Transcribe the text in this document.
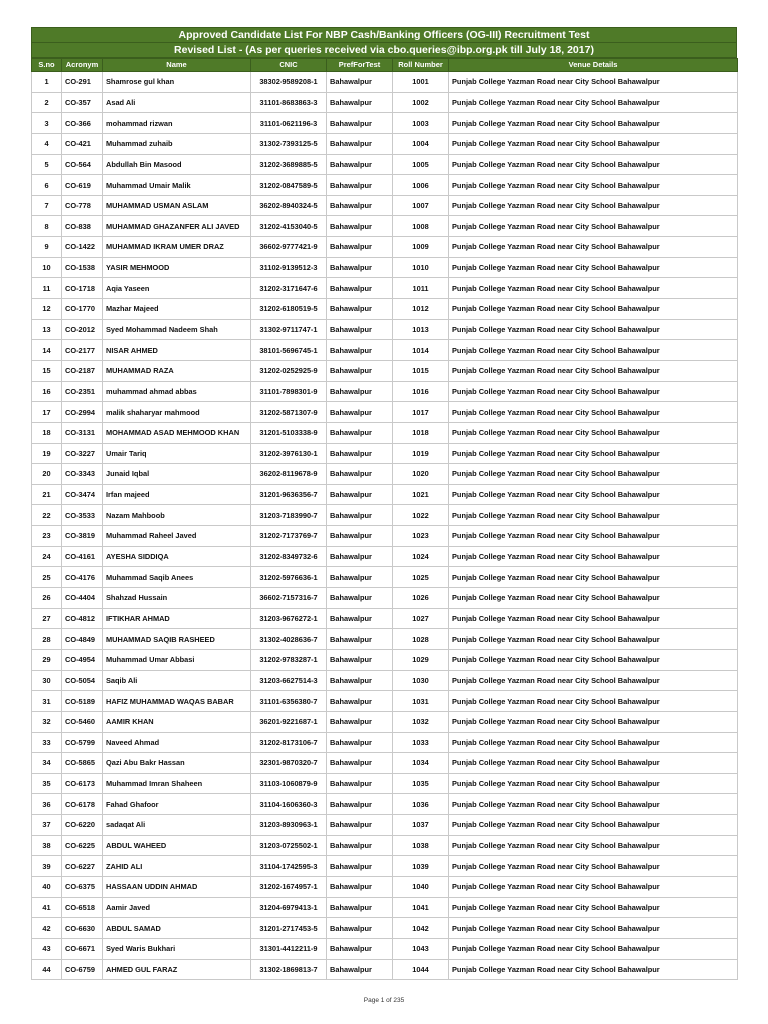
Approved Candidate List For NBP Cash/Banking Officers (OG-III) Recruitment Test
Revised List - (As per queries received via cbo.queries@ibp.org.pk till July 18, 2017)
S.no	Acronym	Name	CNIC	PrefForTest	Roll Number	Venue Details
1	CO-291	Shamrose gul khan	38302-9589208-1	Bahawalpur	1001	Punjab College Yazman Road near City School Bahawalpur
2	CO-357	Asad Ali	31101-8683863-3	Bahawalpur	1002	Punjab College Yazman Road near City School Bahawalpur
3	CO-366	mohammad rizwan	31101-0621196-3	Bahawalpur	1003	Punjab College Yazman Road near City School Bahawalpur
4	CO-421	Muhammad zuhaib	31302-7393125-5	Bahawalpur	1004	Punjab College Yazman Road near City School Bahawalpur
5	CO-564	Abdullah Bin Masood	31202-3689885-5	Bahawalpur	1005	Punjab College Yazman Road near City School Bahawalpur
6	CO-619	Muhammad Umair Malik	31202-0847589-5	Bahawalpur	1006	Punjab College Yazman Road near City School Bahawalpur
7	CO-778	MUHAMMAD USMAN ASLAM	36202-8940324-5	Bahawalpur	1007	Punjab College Yazman Road near City School Bahawalpur
8	CO-838	MUHAMMAD GHAZANFER ALI JAVED	31202-4153040-5	Bahawalpur	1008	Punjab College Yazman Road near City School Bahawalpur
9	CO-1422	MUHAMMAD IKRAM UMER DRAZ	36602-9777421-9	Bahawalpur	1009	Punjab College Yazman Road near City School Bahawalpur
10	CO-1538	YASIR MEHMOOD	31102-9139512-3	Bahawalpur	1010	Punjab College Yazman Road near City School Bahawalpur
11	CO-1718	Aqia Yaseen	31202-3171647-6	Bahawalpur	1011	Punjab College Yazman Road near City School Bahawalpur
12	CO-1770	Mazhar Majeed	31202-6180519-5	Bahawalpur	1012	Punjab College Yazman Road near City School Bahawalpur
13	CO-2012	Syed Mohammad Nadeem Shah	31302-9711747-1	Bahawalpur	1013	Punjab College Yazman Road near City School Bahawalpur
14	CO-2177	NISAR AHMED	38101-5696745-1	Bahawalpur	1014	Punjab College Yazman Road near City School Bahawalpur
15	CO-2187	MUHAMMAD RAZA	31202-0252925-9	Bahawalpur	1015	Punjab College Yazman Road near City School Bahawalpur
16	CO-2351	muhammad ahmad abbas	31101-7898301-9	Bahawalpur	1016	Punjab College Yazman Road near City School Bahawalpur
17	CO-2994	malik shaharyar mahmood	31202-5871307-9	Bahawalpur	1017	Punjab College Yazman Road near City School Bahawalpur
18	CO-3131	MOHAMMAD ASAD MEHMOOD KHAN	31201-5103338-9	Bahawalpur	1018	Punjab College Yazman Road near City School Bahawalpur
19	CO-3227	Umair Tariq	31202-3976130-1	Bahawalpur	1019	Punjab College Yazman Road near City School Bahawalpur
20	CO-3343	Junaid Iqbal	36202-8119678-9	Bahawalpur	1020	Punjab College Yazman Road near City School Bahawalpur
21	CO-3474	Irfan majeed	31201-9636356-7	Bahawalpur	1021	Punjab College Yazman Road near City School Bahawalpur
22	CO-3533	Nazam Mahboob	31203-7183990-7	Bahawalpur	1022	Punjab College Yazman Road near City School Bahawalpur
23	CO-3819	Muhammad Raheel Javed	31202-7173769-7	Bahawalpur	1023	Punjab College Yazman Road near City School Bahawalpur
24	CO-4161	AYESHA SIDDIQA	31202-8349732-6	Bahawalpur	1024	Punjab College Yazman Road near City School Bahawalpur
25	CO-4176	Muhammad Saqib Anees	31202-5976636-1	Bahawalpur	1025	Punjab College Yazman Road near City School Bahawalpur
26	CO-4404	Shahzad Hussain	36602-7157316-7	Bahawalpur	1026	Punjab College Yazman Road near City School Bahawalpur
27	CO-4812	IFTIKHAR AHMAD	31203-9676272-1	Bahawalpur	1027	Punjab College Yazman Road near City School Bahawalpur
28	CO-4849	MUHAMMAD SAQIB RASHEED	31302-4028636-7	Bahawalpur	1028	Punjab College Yazman Road near City School Bahawalpur
29	CO-4954	Muhammad Umar Abbasi	31202-9783287-1	Bahawalpur	1029	Punjab College Yazman Road near City School Bahawalpur
30	CO-5054	Saqib Ali	31203-6627514-3	Bahawalpur	1030	Punjab College Yazman Road near City School Bahawalpur
31	CO-5189	HAFIZ MUHAMMAD WAQAS BABAR	31101-6356380-7	Bahawalpur	1031	Punjab College Yazman Road near City School Bahawalpur
32	CO-5460	AAMIR KHAN	36201-9221687-1	Bahawalpur	1032	Punjab College Yazman Road near City School Bahawalpur
33	CO-5799	Naveed Ahmad	31202-8173106-7	Bahawalpur	1033	Punjab College Yazman Road near City School Bahawalpur
34	CO-5865	Qazi Abu Bakr Hassan	32301-9870320-7	Bahawalpur	1034	Punjab College Yazman Road near City School Bahawalpur
35	CO-6173	Muhammad Imran Shaheen	31103-1060879-9	Bahawalpur	1035	Punjab College Yazman Road near City School Bahawalpur
36	CO-6178	Fahad Ghafoor	31104-1606360-3	Bahawalpur	1036	Punjab College Yazman Road near City School Bahawalpur
37	CO-6220	sadaqat Ali	31203-8930963-1	Bahawalpur	1037	Punjab College Yazman Road near City School Bahawalpur
38	CO-6225	ABDUL WAHEED	31203-0725502-1	Bahawalpur	1038	Punjab College Yazman Road near City School Bahawalpur
39	CO-6227	ZAHID ALI	31104-1742595-3	Bahawalpur	1039	Punjab College Yazman Road near City School Bahawalpur
40	CO-6375	HASSAAN UDDIN AHMAD	31202-1674957-1	Bahawalpur	1040	Punjab College Yazman Road near City School Bahawalpur
41	CO-6518	Aamir Javed	31204-6979413-1	Bahawalpur	1041	Punjab College Yazman Road near City School Bahawalpur
42	CO-6630	ABDUL SAMAD	31201-2717453-5	Bahawalpur	1042	Punjab College Yazman Road near City School Bahawalpur
43	CO-6671	Syed Waris Bukhari	31301-4412211-9	Bahawalpur	1043	Punjab College Yazman Road near City School Bahawalpur
44	CO-6759	AHMED GUL FARAZ	31302-1869813-7	Bahawalpur	1044	Punjab College Yazman Road near City School Bahawalpur
Page 1 of 235
